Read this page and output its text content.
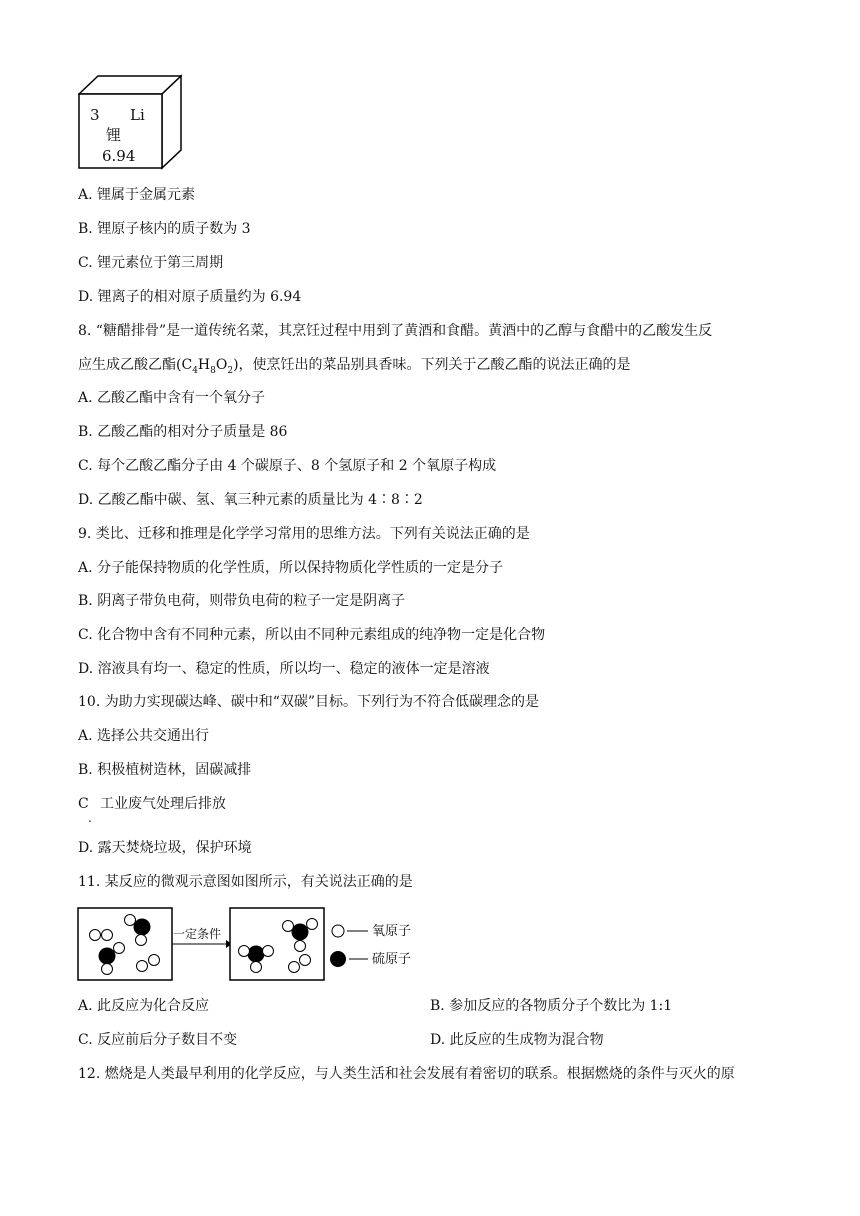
3 Li
锂
6.94
A. 锂属于金属元素
B. 锂原子核内的质子数为 3
C. 锂元素位于第三周期
D. 锂离子的相对原子质量约为 6.94
8. “糖醋排骨”是一道传统名菜，其烹饪过程中用到了黄酒和食醋。黄酒中的乙醇与食醋中的乙酸发生反
应生成乙酸乙酯$(C_4H_8O_2)$，使烹饪出的菜品别具香味。下列关于乙酸乙酯的说法正确的是
A. 乙酸乙酯中含有一个氧分子
B. 乙酸乙酯的相对分子质量是 86
C. 每个乙酸乙酯分子由 4 个碳原子、8 个氢原子和 2 个氧原子构成
D. 乙酸乙酯中碳、氢、氧三种元素的质量比为 4∶8∶2
9. 类比、迁移和推理是化学学习常用的思维方法。下列有关说法正确的是
A. 分子能保持物质的化学性质，所以保持物质化学性质的一定是分子
B. 阴离子带负电荷，则带负电荷的粒子一定是阴离子
C. 化合物中含有不同种元素，所以由不同种元素组成的纯净物一定是化合物
D. 溶液具有均一、稳定的性质，所以均一、稳定的液体一定是溶液
10. 为助力实现碳达峰、碳中和“双碳”目标。下列行为不符合低碳理念的是
A. 选择公共交通出行
B. 积极植树造林，固碳减排
C 工业废气处理后排放
.
D. 露天焚烧垃圾，保护环境
11. 某反应的微观示意图如图所示，有关说法正确的是
一定条件	氧原子
硫原子
A. 此反应为化合反应	B. 参加反应的各物质分子个数比为 1:1
C. 反应前后分子数目不变	D. 此反应的生成物为混合物
12. 燃烧是人类最早利用的化学反应，与人类生活和社会发展有着密切的联系。根据燃烧的条件与灭火的原
